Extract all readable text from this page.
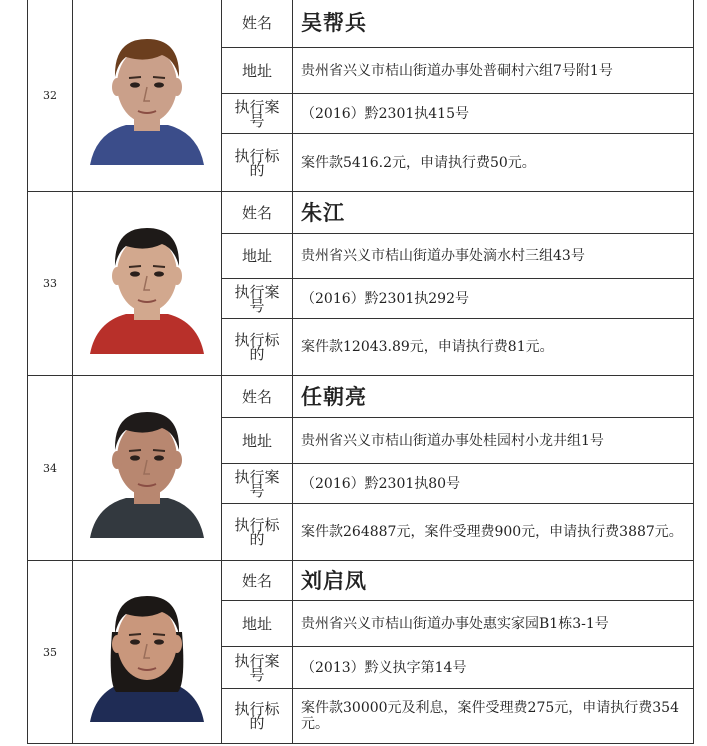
32		姓名	吴帮兵
		地址	贵州省兴义市桔山街道办事处普硐村六组7号附1号
		执行案号	（2016）黔2301执415号
		执行标的	案件款5416.2元，申请执行费50元。
33		姓名	朱江
		地址	贵州省兴义市桔山街道办事处滴水村三组43号
		执行案号	（2016）黔2301执292号
		执行标的	案件款12043.89元，申请执行费81元。
34		姓名	任朝亮
		地址	贵州省兴义市桔山街道办事处桂园村小龙井组1号
		执行案号	（2016）黔2301执80号
		执行标的	案件款264887元，案件受理费900元，申请执行费3887元。
35		姓名	刘启凤
		地址	贵州省兴义市桔山街道办事处惠实家园B1栋3-1号
		执行案号	（2013）黔义执字第14号
		执行标的	案件款30000元及利息，案件受理费275元，申请执行费354元。
